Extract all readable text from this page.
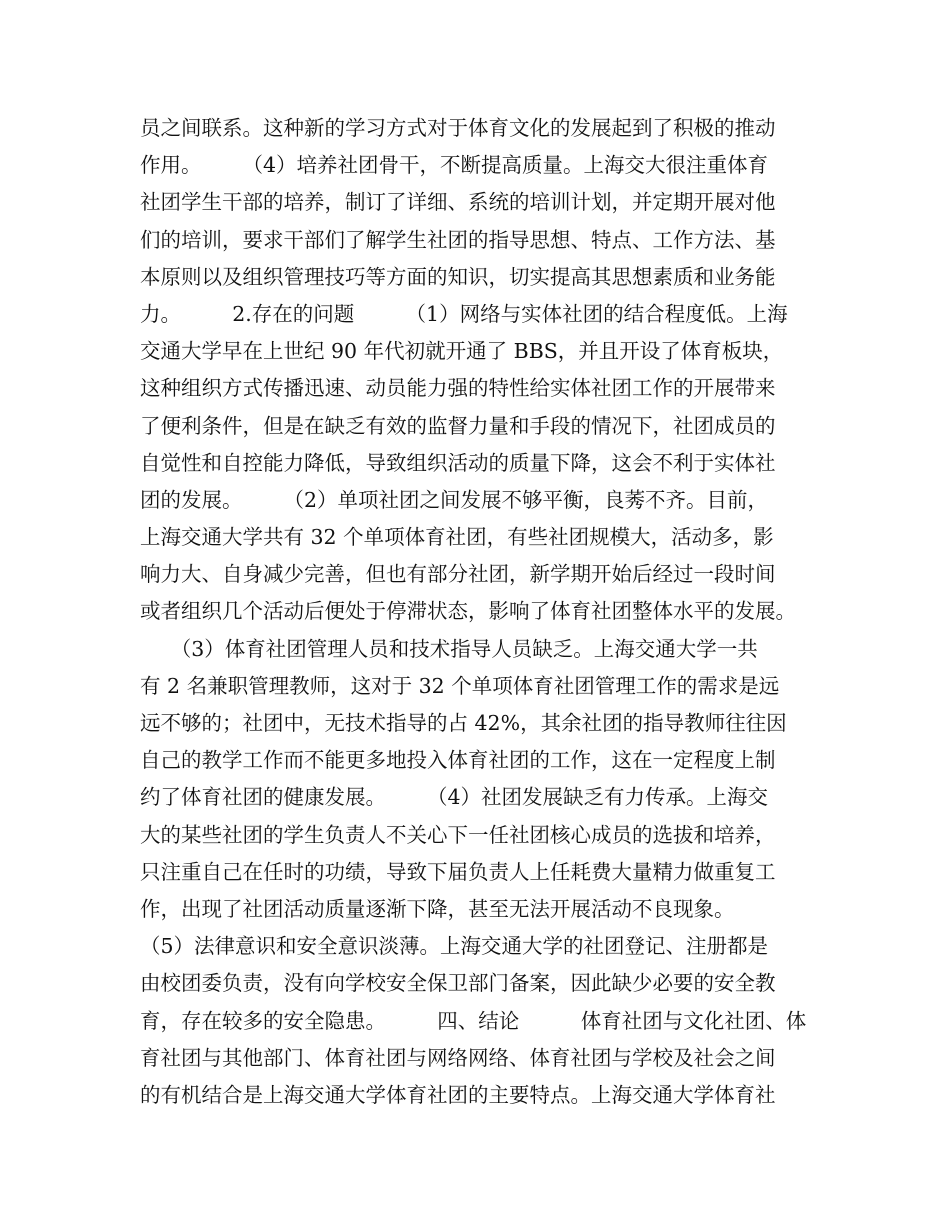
员之间联系。这种新的学习方式对于体育文化的发展起到了积极的推动
作用。　　　（4）培养社团骨干，不断提高质量。上海交大很注重体育
社团学生干部的培养，制订了详细、系统的培训计划，并定期开展对他
们的培训，要求干部们了解学生社团的指导思想、特点、工作方法、基
本原则以及组织管理技巧等方面的知识，切实提高其思想素质和业务能
力。　　　2.存在的问题　　　（1）网络与实体社团的结合程度低。上海
交通大学早在上世纪 90 年代初就开通了 BBS，并且开设了体育板块，
这种组织方式传播迅速、动员能力强的特性给实体社团工作的开展带来
了便利条件，但是在缺乏有效的监督力量和手段的情况下，社团成员的
自觉性和自控能力降低，导致组织活动的质量下降，这会不利于实体社
团的发展。　　　（2）单项社团之间发展不够平衡，良莠不齐。目前，
上海交通大学共有 32 个单项体育社团，有些社团规模大，活动多，影
响力大、自身减少完善，但也有部分社团，新学期开始后经过一段时间
或者组织几个活动后便处于停滞状态，影响了体育社团整体水平的发展。
　　（3）体育社团管理人员和技术指导人员缺乏。上海交通大学一共
有 2 名兼职管理教师，这对于 32 个单项体育社团管理工作的需求是远
远不够的；社团中，无技术指导的占 42%，其余社团的指导教师往往因
自己的教学工作而不能更多地投入体育社团的工作，这在一定程度上制
约了体育社团的健康发展。　　　（4）社团发展缺乏有力传承。上海交
大的某些社团的学生负责人不关心下一任社团核心成员的选拔和培养，
只注重自己在任时的功绩，导致下届负责人上任耗费大量精力做重复工
作，出现了社团活动质量逐渐下降，甚至无法开展活动不良现象。
（5）法律意识和安全意识淡薄。上海交通大学的社团登记、注册都是
由校团委负责，没有向学校安全保卫部门备案，因此缺少必要的安全教
育，存在较多的安全隐患。　　　四、结论　　　体育社团与文化社团、体
育社团与其他部门、体育社团与网络网络、体育社团与学校及社会之间
的有机结合是上海交通大学体育社团的主要特点。上海交通大学体育社
